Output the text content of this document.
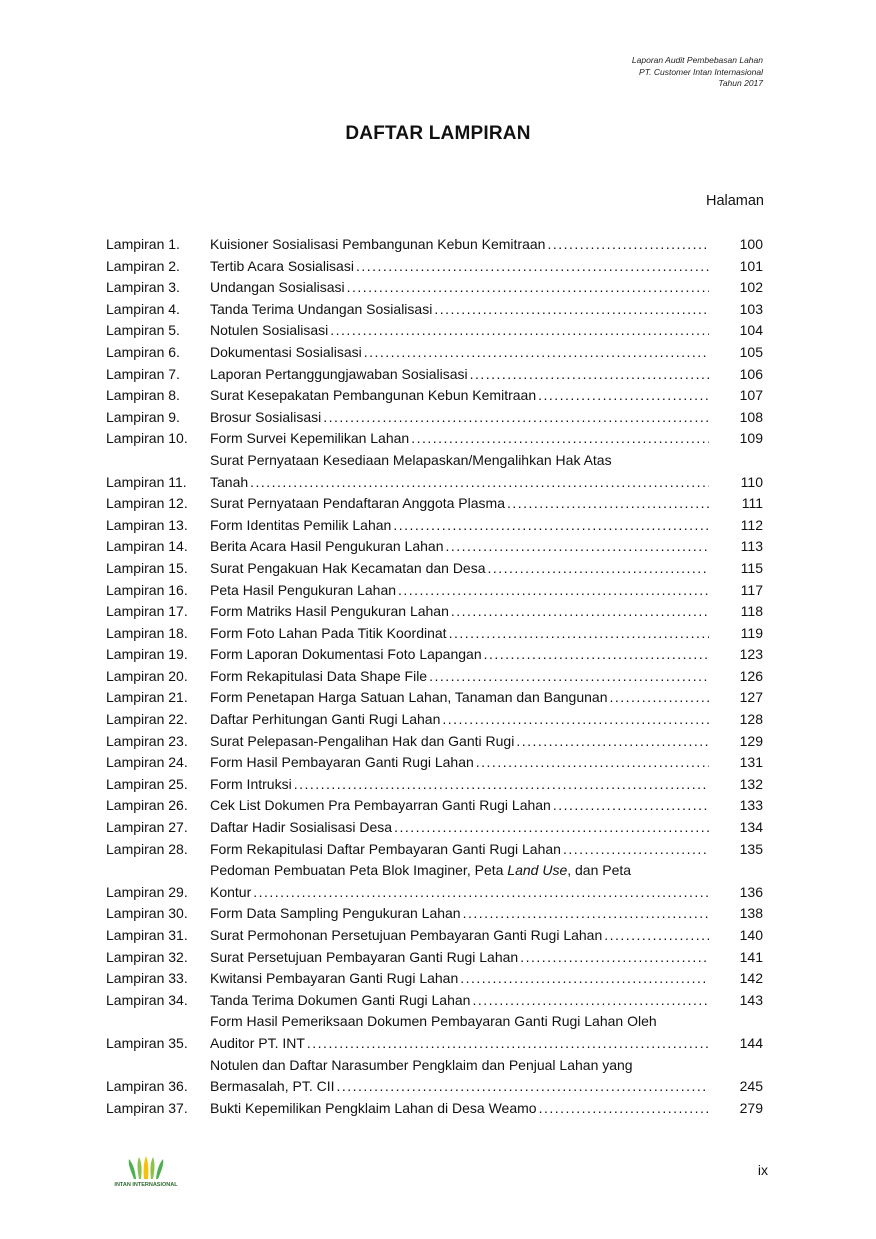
Laporan Audit Pembebasan Lahan
PT. Customer Intan Internasional
Tahun 2017
DAFTAR LAMPIRAN
Halaman
Lampiran 1.	Kuisioner Sosialisasi Pembangunan Kebun Kemitraan . . .	100
Lampiran 2.	Tertib Acara Sosialisasi . . .	101
Lampiran 3.	Undangan Sosialisasi . . .	102
Lampiran 4.	Tanda Terima Undangan Sosialisasi . . .	103
Lampiran 5.	Notulen Sosialisasi . . .	104
Lampiran 6.	Dokumentasi Sosialisasi . . .	105
Lampiran 7.	Laporan Pertanggungjawaban Sosialisasi . . .	106
Lampiran 8.	Surat Kesepakatan Pembangunan Kebun Kemitraan . . .	107
Lampiran 9.	Brosur Sosialisasi . . .	108
Lampiran 10.	Form Survei Kepemilikan Lahan . . .	109
Lampiran 11.
Surat Pernyataan Kesediaan Melapaskan/Mengalihkan Hak Atas
Tanah . . .	110
Lampiran 12.	Surat Pernyataan Pendaftaran Anggota Plasma . . .	111
Lampiran 13.	Form Identitas Pemilik Lahan . . .	112
Lampiran 14.	Berita Acara Hasil Pengukuran Lahan . . .	113
Lampiran 15.	Surat Pengakuan Hak Kecamatan dan Desa . . .	115
Lampiran 16.	Peta Hasil Pengukuran Lahan . . .	117
Lampiran 17.	Form Matriks Hasil Pengukuran Lahan . . .	118
Lampiran 18.	Form Foto Lahan Pada Titik Koordinat . . .	119
Lampiran 19.	Form Laporan Dokumentasi Foto Lapangan . . .	123
Lampiran 20.	Form Rekapitulasi Data Shape File . . .	126
Lampiran 21.	Form Penetapan Harga Satuan Lahan, Tanaman dan Bangunan . . .	127
Lampiran 22.	Daftar Perhitungan Ganti Rugi Lahan . . .	128
Lampiran 23.	Surat Pelepasan-Pengalihan Hak dan Ganti Rugi . . .	129
Lampiran 24.	Form Hasil Pembayaran Ganti Rugi Lahan . . .	131
Lampiran 25.	Form Intruksi . . .	132
Lampiran 26.	Cek List Dokumen Pra Pembayarran Ganti Rugi Lahan . . .	133
Lampiran 27.	Daftar Hadir Sosialisasi Desa . . .	134
Lampiran 28.	Form Rekapitulasi Daftar Pembayaran Ganti Rugi Lahan . . .	135
Lampiran 29.
Pedoman Pembuatan Peta Blok Imaginer, Peta Land Use, dan Peta
Kontur . . .	136
Lampiran 30.	Form Data Sampling Pengukuran Lahan . . .	138
Lampiran 31.	Surat Permohonan Persetujuan Pembayaran Ganti Rugi Lahan . . .	140
Lampiran 32.	Surat Persetujuan Pembayaran Ganti Rugi Lahan . . .	141
Lampiran 33.	Kwitansi Pembayaran Ganti Rugi Lahan . . .	142
Lampiran 34.	Tanda Terima Dokumen Ganti Rugi Lahan . . .	143
Lampiran 35.
Form Hasil Pemeriksaan Dokumen Pembayaran Ganti Rugi Lahan Oleh
Auditor PT. INT . . .	144
Lampiran 36.
Notulen dan Daftar Narasumber Pengklaim dan Penjual Lahan yang
Bermasalah, PT. CII . . .	245
Lampiran 37.	Bukti Kepemilikan Pengklaim Lahan di Desa Weamo . . .	279
INTAN INTERNASIONAL
ix
